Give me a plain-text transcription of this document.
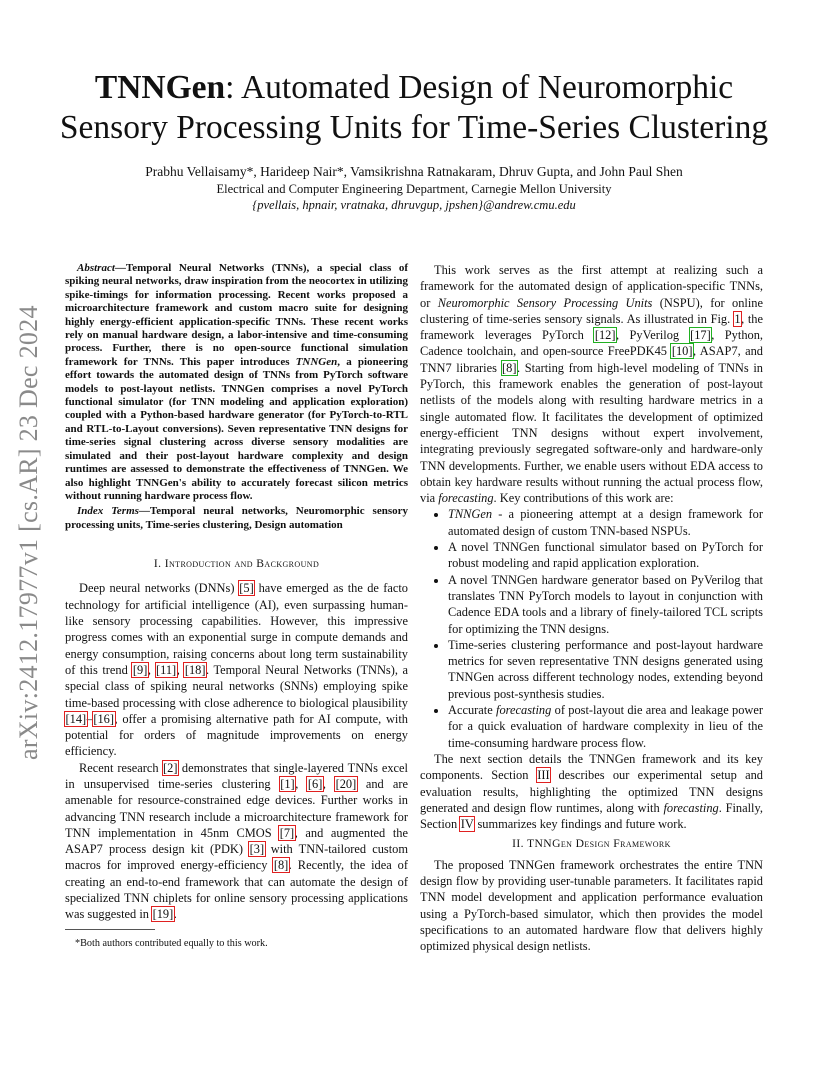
arXiv:2412.17977v1 [cs.AR] 23 Dec 2024
TNNGen: Automated Design of Neuromorphic
Sensory Processing Units for Time-Series Clustering
Prabhu Vellaisamy*, Harideep Nair*, Vamsikrishna Ratnakaram, Dhruv Gupta, and John Paul Shen
Electrical and Computer Engineering Department, Carnegie Mellon University
{pvellais, hpnair, vratnaka, dhruvgup, jpshen}@andrew.cmu.edu

Abstract—Temporal Neural Networks (TNNs), a special class of spiking neural networks, draw inspiration from the neocortex in utilizing spike-timings for information processing. Recent works proposed a microarchitecture framework and custom macro suite for designing highly energy-efficient application-specific TNNs. These recent works rely on manual hardware design, a labor-intensive and time-consuming process. Further, there is no open-source functional simulation framework for TNNs. This paper introduces TNNGen, a pioneering effort towards the automated design of TNNs from PyTorch software models to post-layout netlists. TNNGen comprises a novel PyTorch functional simulator (for TNN modeling and application exploration) coupled with a Python-based hardware generator (for PyTorch-to-RTL and RTL-to-Layout conversions). Seven representative TNN designs for time-series signal clustering across diverse sensory modalities are simulated and their post-layout hardware complexity and design runtimes are assessed to demonstrate the effectiveness of TNNGen. We also highlight TNNGen's ability to accurately forecast silicon metrics without running hardware process flow.

Index Terms—Temporal neural networks, Neuromorphic sensory processing units, Time-series clustering, Design automation

I. Introduction and Background

Deep neural networks (DNNs) [5] have emerged as the de facto technology for artificial intelligence (AI), even surpassing human-like sensory processing capabilities. However, this impressive progress comes with an exponential surge in compute demands and energy consumption, raising concerns about long term sustainability of this trend [9], [11], [18]. Temporal Neural Networks (TNNs), a special class of spiking neural networks (SNNs) employing spike time-based processing with close adherence to biological plausibility [14]–[16], offer a promising alternative path for AI compute, with potential for orders of magnitude improvements on energy efficiency.

Recent research [2] demonstrates that single-layered TNNs excel in unsupervised time-series clustering [1], [6], [20] and are amenable for resource-constrained edge devices. Further works in advancing TNN research include a microarchitecture framework for TNN implementation in 45nm CMOS [7], and augmented the ASAP7 process design kit (PDK) [3] with TNN-tailored custom macros for improved energy-efficiency [8]. Recently, the idea of creating an end-to-end framework that can automate the design of specialized TNN chiplets for online sensory processing applications was suggested in [19].

*Both authors contributed equally to this work.

This work serves as the first attempt at realizing such a framework for the automated design of application-specific TNNs, or Neuromorphic Sensory Processing Units (NSPU), for online clustering of time-series sensory signals. As illustrated in Fig. 1, the framework leverages PyTorch [12], PyVerilog [17], Python, Cadence toolchain, and open-source FreePDK45 [10], ASAP7, and TNN7 libraries [8]. Starting from high-level modeling of TNNs in PyTorch, this framework enables the generation of post-layout netlists of the models along with resulting hardware metrics in a single automated flow. It facilitates the development of optimized energy-efficient TNN designs without expert involvement, integrating previously segregated software-only and hardware-only TNN developments. Further, we enable users without EDA access to obtain key hardware results without running the actual process flow, via forecasting. Key contributions of this work are:

• TNNGen - a pioneering attempt at a design framework for automated design of custom TNN-based NSPUs.
• A novel TNNGen functional simulator based on PyTorch for robust modeling and rapid application exploration.
• A novel TNNGen hardware generator based on PyVerilog that translates TNN PyTorch models to layout in conjunction with Cadence EDA tools and a library of finely-tailored TCL scripts for optimizing the TNN designs.
• Time-series clustering performance and post-layout hardware metrics for seven representative TNN designs generated using TNNGen across different technology nodes, extending beyond previous post-synthesis studies.
• Accurate forecasting of post-layout die area and leakage power for a quick evaluation of hardware complexity in lieu of the time-consuming hardware process flow.

The next section details the TNNGen framework and its key components. Section III describes our experimental setup and evaluation results, highlighting the optimized TNN designs generated and design flow runtimes, along with forecasting. Finally, Section IV summarizes key findings and future work.

II. TNNGen Design Framework

The proposed TNNGen framework orchestrates the entire TNN design flow by providing user-tunable parameters. It facilitates rapid TNN model development and application performance evaluation using a PyTorch-based simulator, which then provides the model specifications to an automated hardware flow that delivers highly optimized physical design netlists.
